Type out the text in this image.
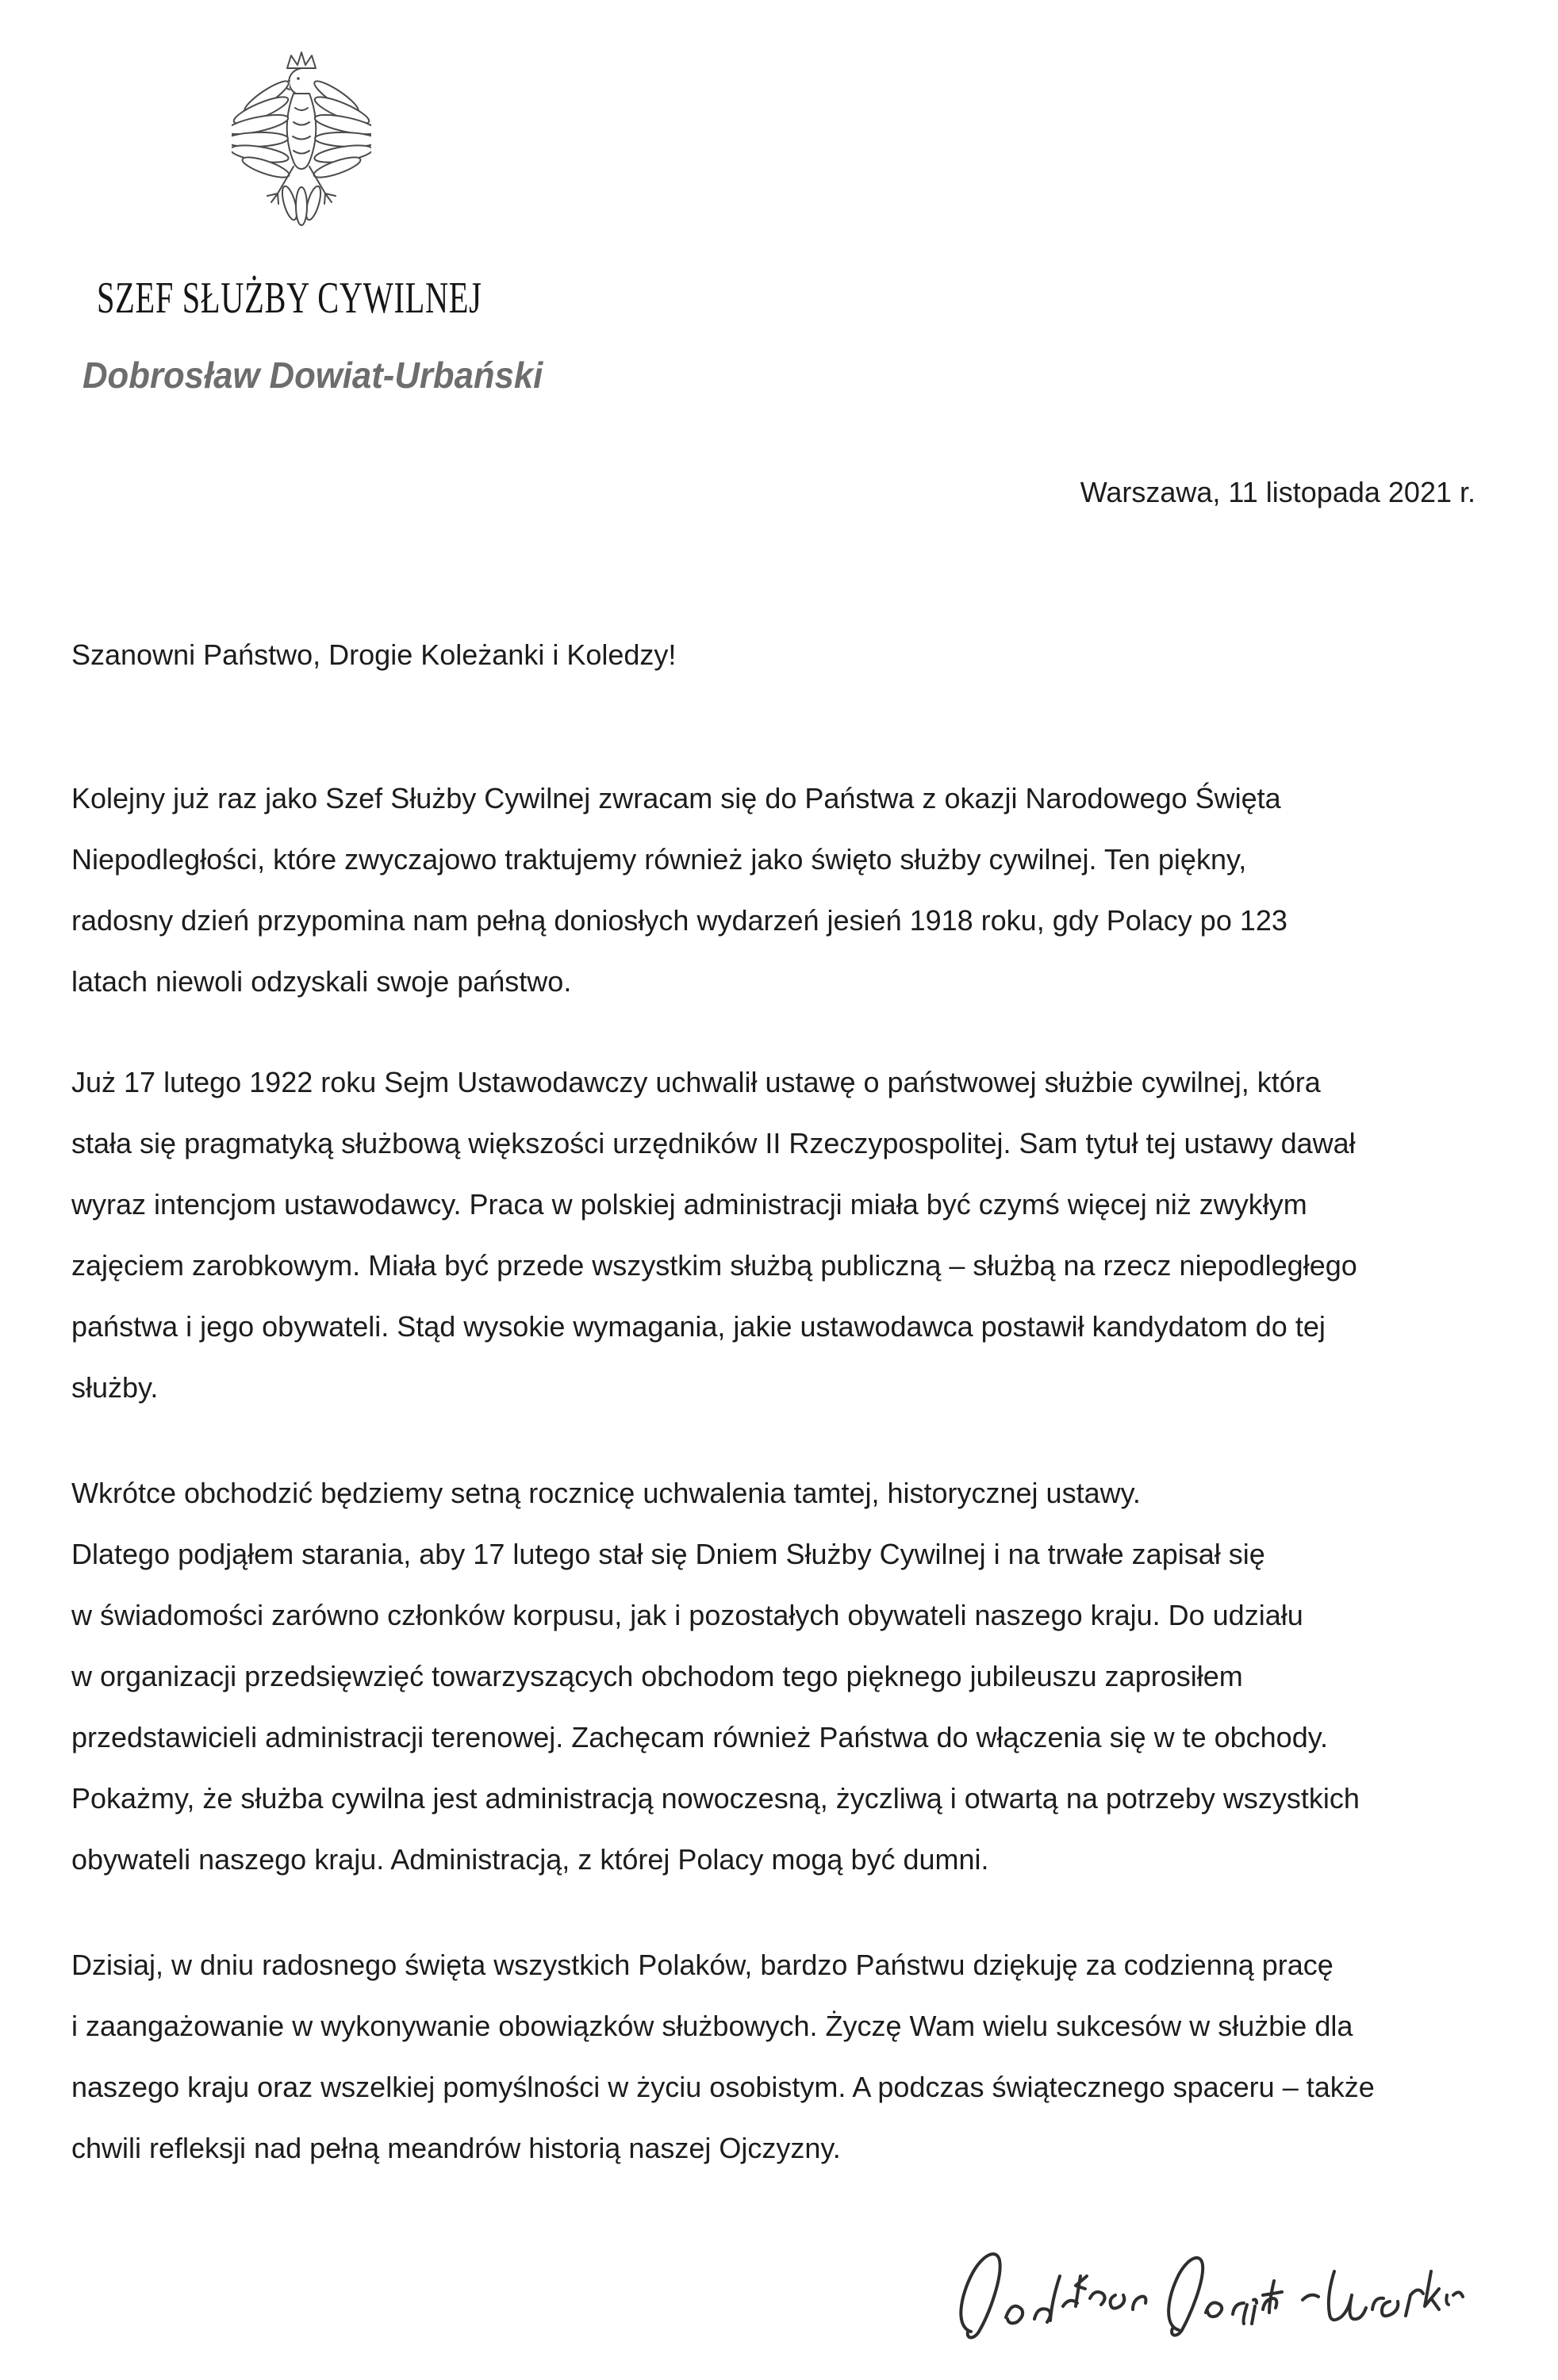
SZEF SŁUŻBY CYWILNEJ
Dobrosław Dowiat-Urbański
Warszawa, 11 listopada 2021 r.
Szanowni Państwo, Drogie Koleżanki i Koledzy!
Kolejny już raz jako Szef Służby Cywilnej zwracam się do Państwa z okazji Narodowego Święta
Niepodległości, które zwyczajowo traktujemy również jako święto służby cywilnej. Ten piękny,
radosny dzień przypomina nam pełną doniosłych wydarzeń jesień 1918 roku, gdy Polacy po 123
latach niewoli odzyskali swoje państwo.
Już 17 lutego 1922 roku Sejm Ustawodawczy uchwalił ustawę o państwowej służbie cywilnej, która
stała się pragmatyką służbową większości urzędników II Rzeczypospolitej. Sam tytuł tej ustawy dawał
wyraz intencjom ustawodawcy. Praca w polskiej administracji miała być czymś więcej niż zwykłym
zajęciem zarobkowym. Miała być przede wszystkim służbą publiczną – służbą na rzecz niepodległego
państwa i jego obywateli. Stąd wysokie wymagania, jakie ustawodawca postawił kandydatom do tej
służby.
Wkrótce obchodzić będziemy setną rocznicę uchwalenia tamtej, historycznej ustawy.
Dlatego podjąłem starania, aby 17 lutego stał się Dniem Służby Cywilnej i na trwałe zapisał się
w świadomości zarówno członków korpusu, jak i pozostałych obywateli naszego kraju. Do udziału
w organizacji przedsięwzięć towarzyszących obchodom tego pięknego jubileuszu zaprosiłem
przedstawicieli administracji terenowej. Zachęcam również Państwa do włączenia się w te obchody.
Pokażmy, że służba cywilna jest administracją nowoczesną, życzliwą i otwartą na potrzeby wszystkich
obywateli naszego kraju. Administracją, z której Polacy mogą być dumni.
Dzisiaj, w dniu radosnego święta wszystkich Polaków, bardzo Państwu dziękuję za codzienną pracę
i zaangażowanie w wykonywanie obowiązków służbowych. Życzę Wam wielu sukcesów w służbie dla
naszego kraju oraz wszelkiej pomyślności w życiu osobistym. A podczas świątecznego spaceru – także
chwili refleksji nad pełną meandrów historią naszej Ojczyzny.
